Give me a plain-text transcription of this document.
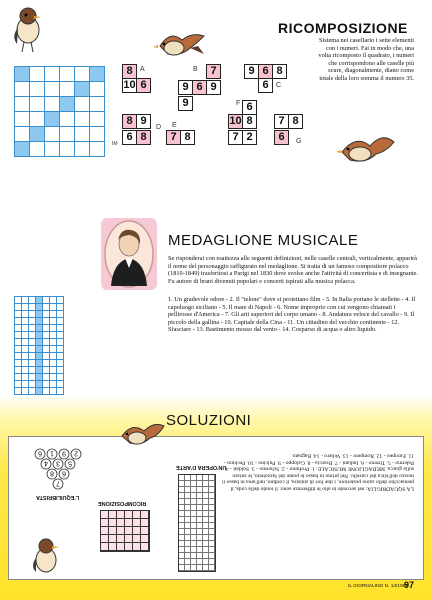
IM
RICOMPOSIZIONE
Sistema nei caselIario i sette elementi con i numeri. Fai in modo che, una volta ricomposto il quadrato, i numeri che corrispondono alle caselle più scure, diagonalmente, diano come totale della loro somma il numero 35.
8
10 6
A	B	7
9 6 9
9
9 6 8
C
6
8 9
6 8
D E
7 8
F 6
10 8
7 2
7 8
6	G

MEDAGLIONE MUSICALE
Se risponderai con esattezza alle seguenti definizioni, nelle caselle centrali, verticalmente, apparirà il nome del personaggio raffigurato nel medaglione. Si tratta di un famoso compositore polacco (1810-1849) trasferitosi a Parigi nel 1830 dove svolse anche l'attività di concertista e di insegnante. Fu autore di brani divenuti popolari e concerti ispirati alla musica polacca.
1. Un gradevole odore - 2. Il "telone" dove si proiettano film - 3. In Italia portano le stellette - 4. Il capoluogo siciliano - 5. Il mare di Napoli - 6. Nome improprio con cui vengono chiamati i pellirosse d'America - 7. Gli arti superiori del corpo umano - 8. Andatura veloce del cavallo - 9. Il piccolo della gallina - 10. Capitale della Cina - 11. Un cittadino del vecchio continente - 12. Sfasciare - 13. Bastimento mosso dal vento - 14. Cosparso di acqua o altro liquido.
SOLUZIONI
7
6
8
5
3
4
2
9
1
6
L'EQUILIBRISTA
RICOMPOSIZIONE
UN'OPERA D'ARTE
LA SQUADRIGLIA: nel secondo in alto le differenze sono: il tondo della coda, il pennacchio dello zaino posteriore, i due fori di sinistra, il cordino, nell'area in basso il mozzo dell'elica del carrello. Nel primo in basso le punte del fazzoletto, le strisce sulla giacca. MEDAGLIONE MUSICALE: 1. Profumo - 2. Schermo - 3. Soldati - 4. Palermo - 5. Tirreno - 6. Indiani - 7. Braccia - 8. Galoppo - 9. Pulcino - 10. Pechino - 11. Europeo - 12. Rompere - 13. Veliero - 14. Bagnato.
IL GIORNALINO N. 14/1998
97
